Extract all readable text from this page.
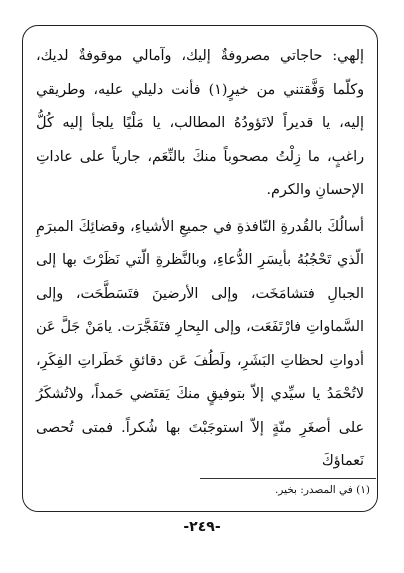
إلهي: حاجاتي مصروفةٌ إليك، وآمالي موقوفةٌ لديك، وكلّما وَفَّقتني من خيرٍ(١) فأنت دليلي عليه، وطريقي إليه، يا قديراً لاتَؤودُهُ المطالب، يا مَلْيًا يلجأ إليه كُلُّ راغبٍ، ما زِلْتُ مصحوباً منكَ بالنِّعَم، جارياً على عاداتِ الإحسانِ والكرم.

أسالُكَ بالقُدرةِ النّافذةِ في جميعِ الأشياءِ، وقضائِكَ المبرَمِ الّذي تَحْجُبُهُ بأيسَرِ الدُّعاءِ، وبالنَّظرةِ الّتي نَظَرْتَ بها إلى الجبالِ فتشامَخَت، وإلى الأرضينَ فتَسَطَّحَت، وإلى السَّماواتِ فارْتَفَعَت، وإلى البِحارِ فتَفَجَّرَت. يامَنْ جَلَّ عَن أدواتِ لحظاتِ البَشَرِ، ولَطُفَ عَن دقائقِ خَطَراتِ الفِكَرِ، لاتُحْمَدُ يا سيِّدي إلاّ بتوفيقٍ منكَ يَقتَضي حَمداً، ولاتُشكَرُ على أصغَرِ منّةٍ إلاّ استوجَبْتَ بها شُكراً. فمتى تُحصى نَعماؤكَ

(١) في المصدر: بخير.
-٢٤٩-
